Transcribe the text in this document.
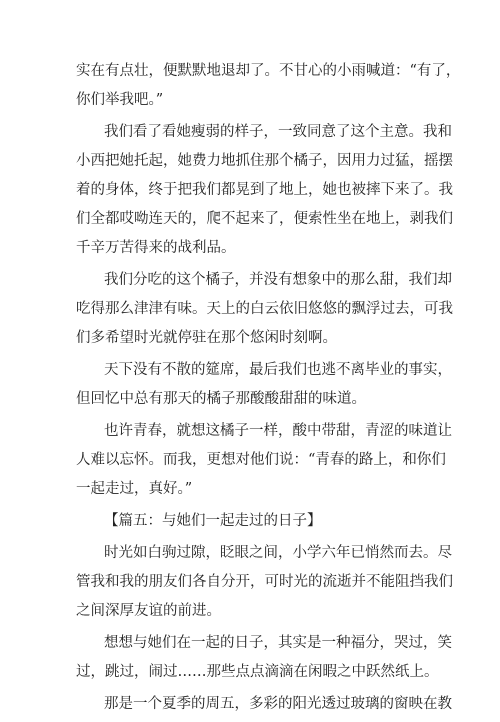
实在有点壮，便默默地退却了。不甘心的小雨喊道：“有了，
你们举我吧。”
我们看了看她瘦弱的样子，一致同意了这个主意。我和
小西把她托起，她费力地抓住那个橘子，因用力过猛，摇摆
着的身体，终于把我们都晃到了地上，她也被摔下来了。我
们全都哎呦连天的，爬不起来了，便索性坐在地上，剥我们
千辛万苦得来的战利品。
我们分吃的这个橘子，并没有想象中的那么甜，我们却
吃得那么津津有味。天上的白云依旧悠悠的飘浮过去，可我
们多希望时光就停驻在那个悠闲时刻啊。
天下没有不散的筵席，最后我们也逃不离毕业的事实，
但回忆中总有那天的橘子那酸酸甜甜的味道。
也许青春，就想这橘子一样，酸中带甜，青涩的味道让
人难以忘怀。而我，更想对他们说：“青春的路上，和你们
一起走过，真好。”
【篇五：与她们一起走过的日子】
时光如白驹过隙，眨眼之间，小学六年已悄然而去。尽
管我和我的朋友们各自分开，可时光的流逝并不能阻挡我们
之间深厚友谊的前进。
想想与她们在一起的日子，其实是一种福分，哭过，笑
过，跳过，闹过……那些点点滴滴在闲暇之中跃然纸上。
那是一个夏季的周五，多彩的阳光透过玻璃的窗映在教
